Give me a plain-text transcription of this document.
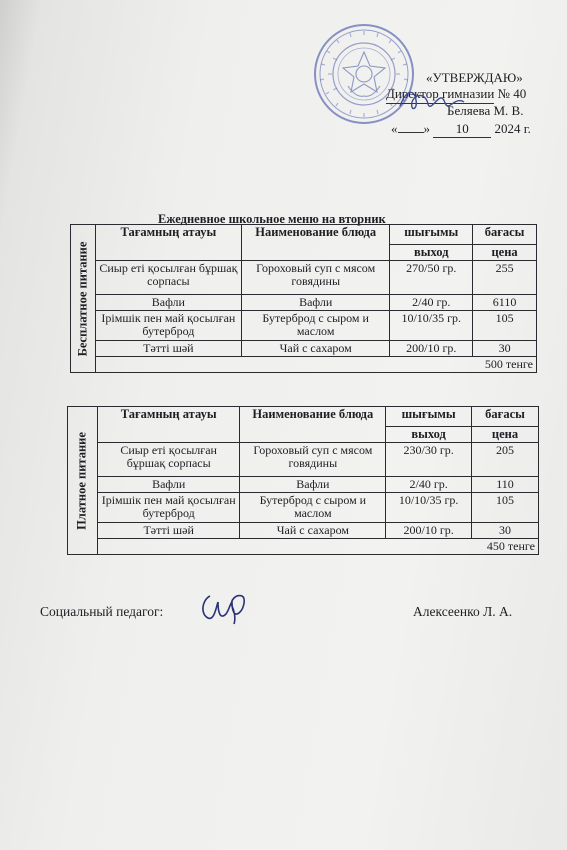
«УТВЕРЖДАЮ»
Директор гимназии № 40
Беляева М. В.
« » 10 2024 г.
Ежедневное школьное меню на вторник
Бесплатное питание	Тағамның атауы	Наименование блюда	шығымы	бағасы
			выход	цена
	Сиыр еті қосылған бұршақ сорпасы	Гороховый суп с мясом говядины	270/50 гр.	255
	Вафли	Вафли	2/40 гр.	6110
	Ірімшік пен май қосылған бутерброд	Бутерброд с сыром и маслом	10/10/35 гр.	105
	Тәтті шәй	Чай с сахаром	200/10 гр.	30
	500 тенге			
Платное питание	Тағамның атауы	Наименование блюда	шығымы	бағасы
			выход	цена
	Сиыр еті қосылған бұршақ сорпасы	Гороховый суп с мясом говядины	230/30 гр.	205
	Вафли	Вафли	2/40 гр.	110
	Ірімшік пен май қосылған бутерброд	Бутерброд с сыром и маслом	10/10/35 гр.	105
	Тәтті шәй	Чай с сахаром	200/10 гр.	30
	450 тенге			
Социальный педагог:	Алексеенко Л. А.
